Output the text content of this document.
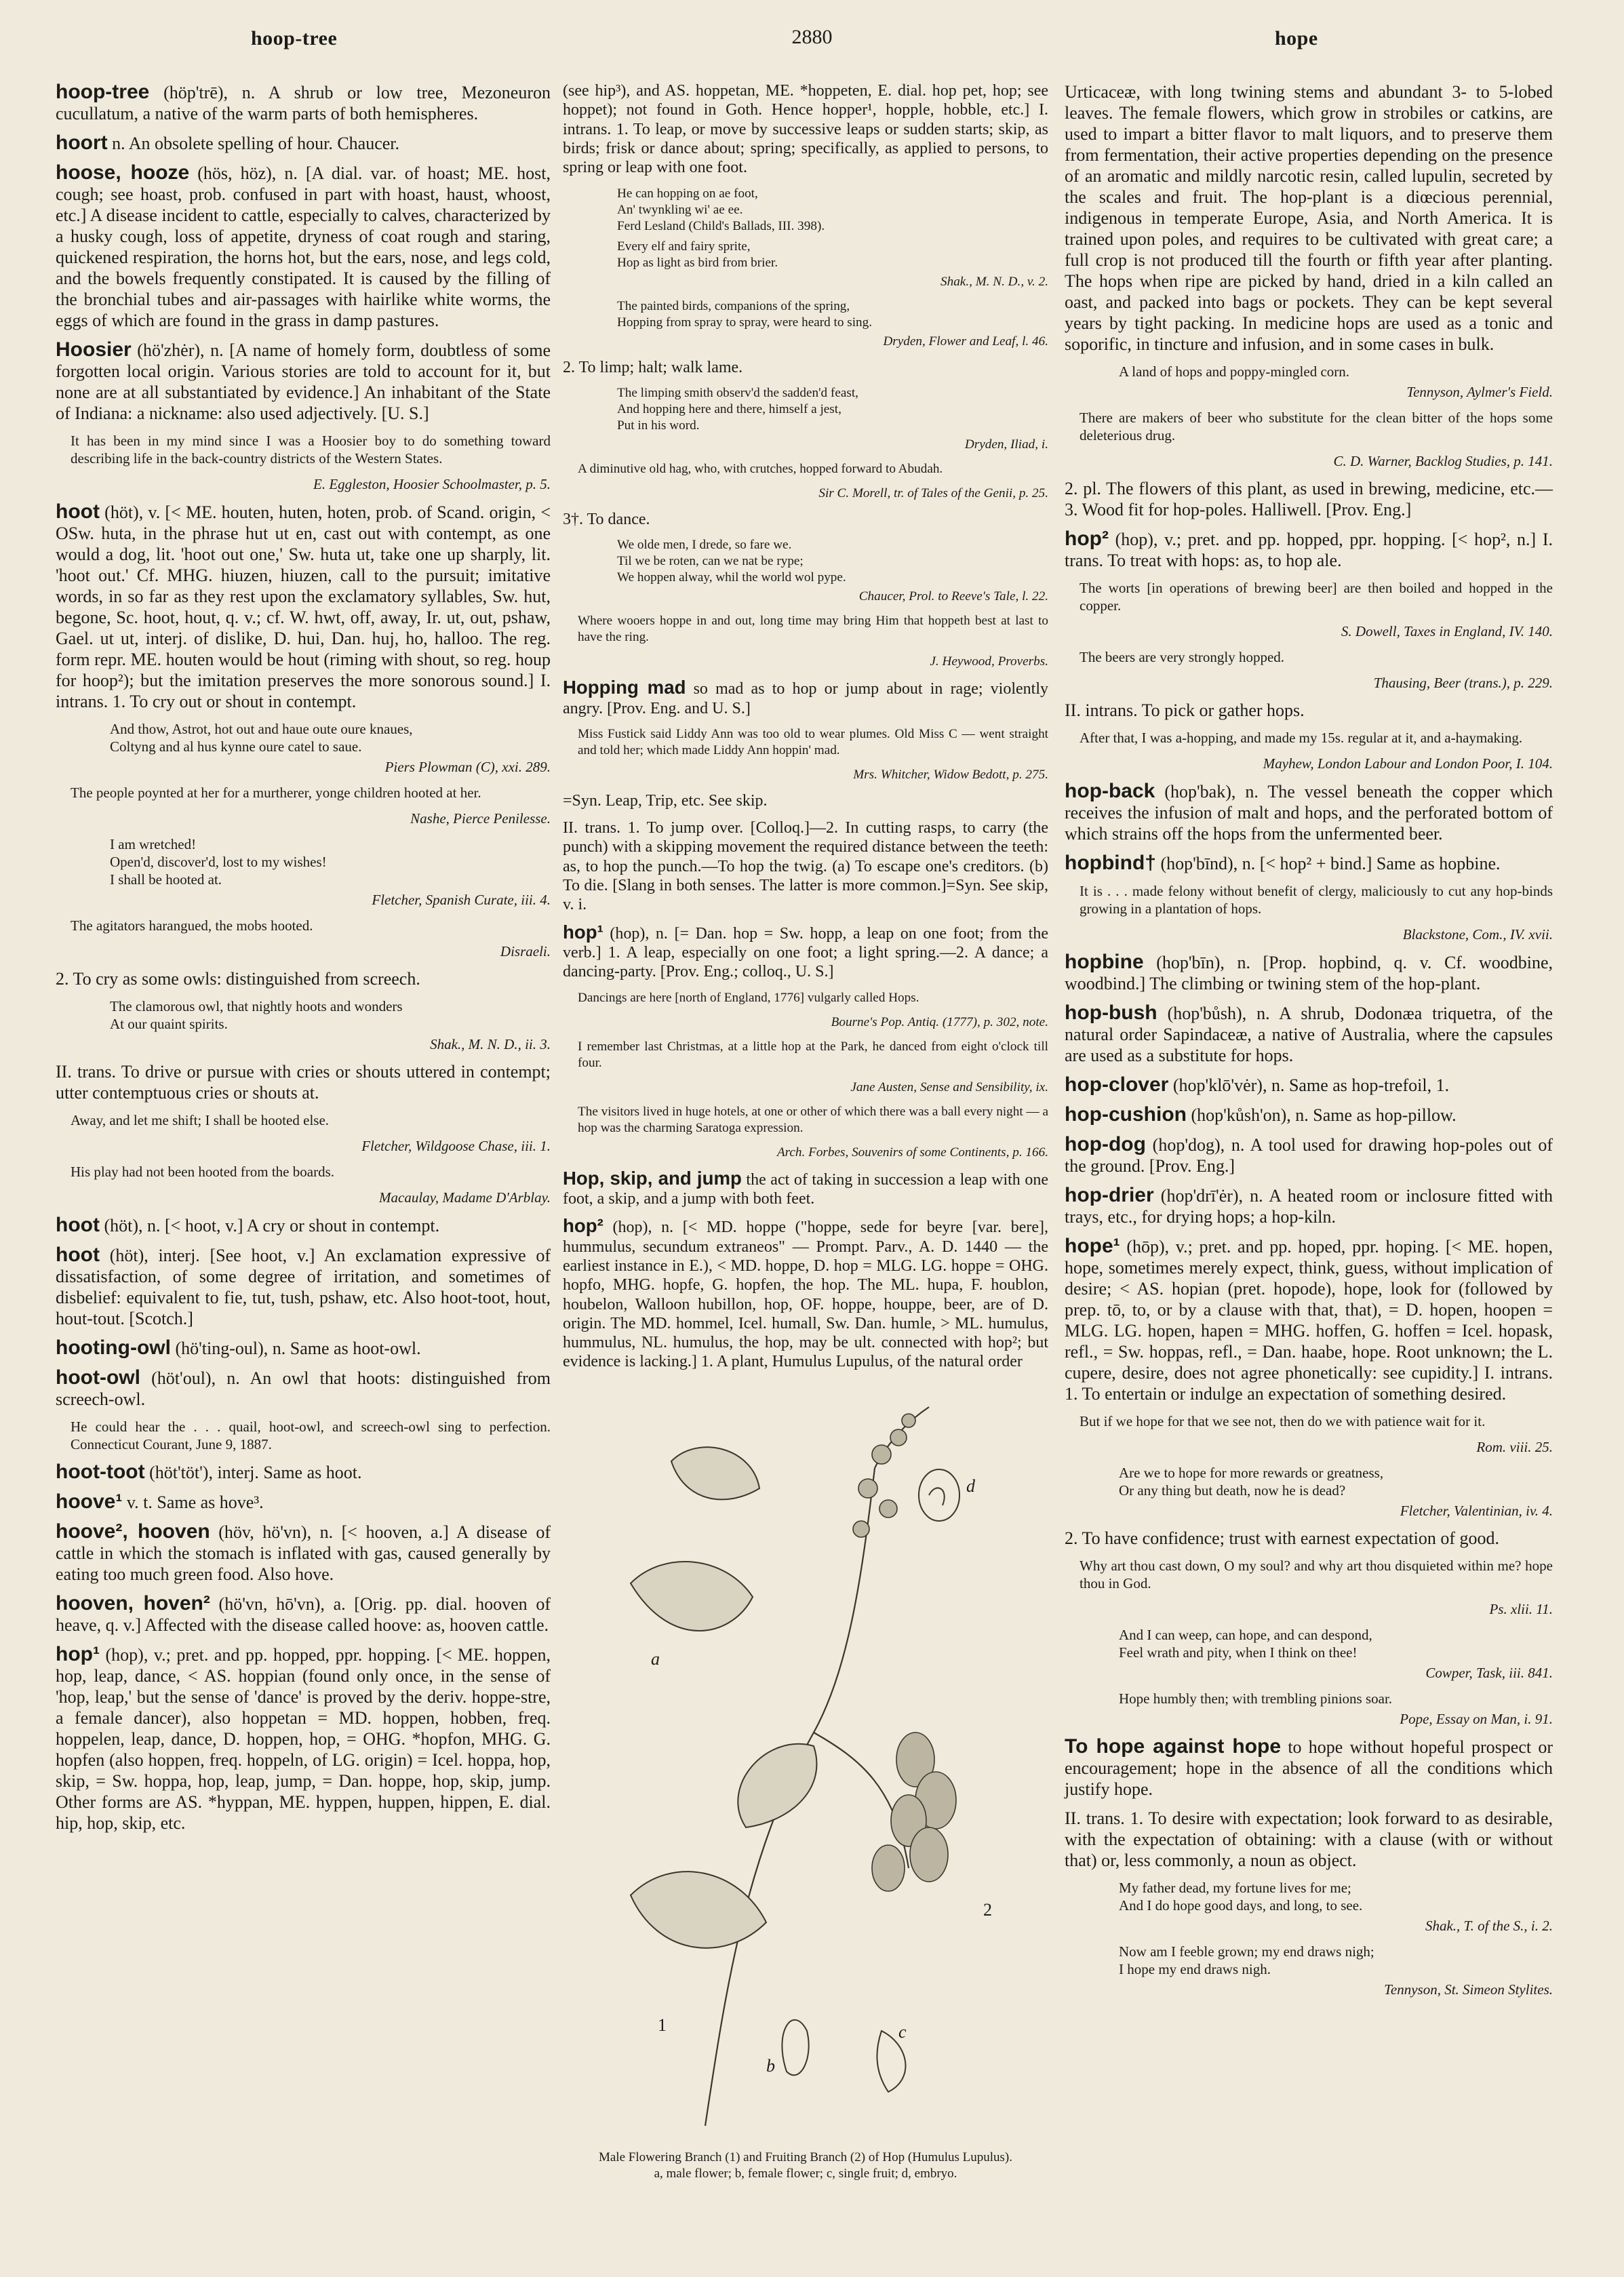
hoop-tree	2880	hope
hoop-tree (höp'trē), n. A shrub or low tree, Mezoneuron cucullatum, a native of the warm parts of both hemispheres.
hoort n. An obsolete spelling of hour. Chaucer.
hoose, hooze (hös, höz), n. [A dial. var. of hoast; ME. host, cough; see hoast, prob. confused in part with hoast, haust, whoost, etc.] A disease incident to cattle, especially to calves, characterized by a husky cough, loss of appetite, dryness of coat rough and staring, quickened respiration, the horns hot, but the ears, nose, and legs cold, and the bowels frequently constipated. It is caused by the filling of the bronchial tubes and air-passages with hairlike white worms, the eggs of which are found in the grass in damp pastures.
Hoosier (hö'zhėr), n. [A name of homely form, doubtless of some forgotten local origin. Various stories are told to account for it, but none are at all substantiated by evidence.] An inhabitant of the State of Indiana: a nickname: also used adjectively. [U. S.]
It has been in my mind since I was a Hoosier boy to do something toward describing life in the back-country districts of the Western States.
E. Eggleston, Hoosier Schoolmaster, p. 5.
hoot (höt), v. [< ME. houten, huten, hoten, prob. of Scand. origin, < OSw. huta, in the phrase hut ut en, cast out with contempt, as one would a dog, lit. 'hoot out one,' Sw. huta ut, take one up sharply, lit. 'hoot out.' Cf. MHG. hiuzen, hiuzen, call to the pursuit; imitative words, in so far as they rest upon the exclamatory syllables, Sw. hut, begone, Sc. hoot, hout, q. v.; cf. W. hwt, off, away, Ir. ut, out, pshaw, Gael. ut ut, interj. of dislike, D. hui, Dan. huj, ho, halloo. The reg. form repr. ME. houten would be hout (riming with shout, so reg. houp for hoop²); but the imitation preserves the more sonorous sound.] I. intrans. 1. To cry out or shout in contempt.
And thow, Astrot, hot out and haue oute oure knaues,
Coltyng and al hus kynne oure catel to saue.
Piers Plowman (C), xxi. 289.
The people poynted at her for a murtherer, yonge children hooted at her.
Nashe, Pierce Penilesse.
I am wretched!
Open'd, discover'd, lost to my wishes!
I shall be hooted at.
Fletcher, Spanish Curate, iii. 4.
The agitators harangued, the mobs hooted.
Disraeli.
2. To cry as some owls: distinguished from screech.
The clamorous owl, that nightly hoots and wonders
At our quaint spirits.
Shak., M. N. D., ii. 3.
II. trans. To drive or pursue with cries or shouts uttered in contempt; utter contemptuous cries or shouts at.
Away, and let me shift; I shall be hooted else.
Fletcher, Wildgoose Chase, iii. 1.
His play had not been hooted from the boards.
Macaulay, Madame D'Arblay.
hoot (höt), n. [< hoot, v.] A cry or shout in contempt.
hoot (höt), interj. [See hoot, v.] An exclamation expressive of dissatisfaction, of some degree of irritation, and sometimes of disbelief: equivalent to fie, tut, tush, pshaw, etc. Also hoot-toot, hout, hout-tout. [Scotch.]
hooting-owl (hö'ting-oul), n. Same as hoot-owl.
hoot-owl (höt'oul), n. An owl that hoots: distinguished from screech-owl.
He could hear the . . . quail, hoot-owl, and screech-owl sing to perfection. Connecticut Courant, June 9, 1887.
hoot-toot (höt'töt'), interj. Same as hoot.
hoove¹ v. t. Same as hove³.
hoove², hooven (höv, hö'vn), n. [< hooven, a.] A disease of cattle in which the stomach is inflated with gas, caused generally by eating too much green food. Also hove.
hooven, hoven² (hö'vn, hō'vn), a. [Orig. pp. dial. hooven of heave, q. v.] Affected with the disease called hoove: as, hooven cattle.
hop¹ (hop), v.; pret. and pp. hopped, ppr. hopping. [< ME. hoppen, hop, leap, dance, < AS. hoppian (found only once, in the sense of 'hop, leap,' but the sense of 'dance' is proved by the deriv. hoppe-stre, a female dancer), also hoppetan = MD. hoppen, hobben, freq. hoppelen, leap, dance, D. hoppen, hop, = OHG. *hopfon, MHG. G. hopfen (also hoppen, freq. hoppeln, of LG. origin) = Icel. hoppa, hop, skip, = Sw. hoppa, hop, leap, jump, = Dan. hoppe, hop, skip, jump. Other forms are AS. *hyppan, ME. hyppen, huppen, hippen, E. dial. hip, hop, skip, etc.
(see hip³), and AS. hoppetan, ME. *hoppeten, E. dial. hop pet, hop; see hoppet); not found in Goth. Hence hopper¹, hopple, hobble, etc.] I. intrans. 1. To leap, or move by successive leaps or sudden starts; skip, as birds; frisk or dance about; spring; specifically, as applied to persons, to spring or leap with one foot.
He can hopping on ae foot,
An' twynkling wi' ae ee.
Ferd Lesland (Child's Ballads, III. 398).
Every elf and fairy sprite,
Hop as light as bird from brier.
Shak., M. N. D., v. 2.
The painted birds, companions of the spring,
Hopping from spray to spray, were heard to sing.
Dryden, Flower and Leaf, l. 46.
2. To limp; halt; walk lame.
The limping smith observ'd the sadden'd feast,
And hopping here and there, himself a jest,
Put in his word.
Dryden, Iliad, i.
A diminutive old hag, who, with crutches, hopped forward to Abudah.
Sir C. Morell, tr. of Tales of the Genii, p. 25.
3†. To dance.
We olde men, I drede, so fare we.
Til we be roten, can we nat be rype;
We hoppen alway, whil the world wol pype.
Chaucer, Prol. to Reeve's Tale, l. 22.
Where wooers hoppe in and out, long time may bring Him that hoppeth best at last to have the ring.
J. Heywood, Proverbs.
Hopping mad so mad as to hop or jump about in rage; violently angry. [Prov. Eng. and U. S.]
Miss Fustick said Liddy Ann was too old to wear plumes. Old Miss C — went straight and told her; which made Liddy Ann hoppin' mad.
Mrs. Whitcher, Widow Bedott, p. 275.
=Syn. Leap, Trip, etc. See skip.
II. trans. 1. To jump over. [Colloq.]—2. In cutting rasps, to carry (the punch) with a skipping movement the required distance between the teeth: as, to hop the punch.—To hop the twig. (a) To escape one's creditors. (b) To die. [Slang in both senses. The latter is more common.]=Syn. See skip, v. i.
hop¹ (hop), n. [= Dan. hop = Sw. hopp, a leap on one foot; from the verb.] 1. A leap, especially on one foot; a light spring.—2. A dance; a dancing-party. [Prov. Eng.; colloq., U. S.]
Dancings are here [north of England, 1776] vulgarly called Hops.
Bourne's Pop. Antiq. (1777), p. 302, note.
I remember last Christmas, at a little hop at the Park, he danced from eight o'clock till four.
Jane Austen, Sense and Sensibility, ix.
The visitors lived in huge hotels, at one or other of which there was a ball every night — a hop was the charming Saratoga expression.
Arch. Forbes, Souvenirs of some Continents, p. 166.
Hop, skip, and jump the act of taking in succession a leap with one foot, a skip, and a jump with both feet.
hop² (hop), n. [< MD. hoppe ("hoppe, sede for beyre [var. bere], hummulus, secundum extraneos" — Prompt. Parv., A. D. 1440 — the earliest instance in E.), < MD. hoppe, D. hop = MLG. LG. hoppe = OHG. hopfo, MHG. hopfe, G. hopfen, the hop. The ML. hupa, F. houblon, houbelon, Walloon hubillon, hop, OF. hoppe, houppe, beer, are of D. origin. The MD. hommel, Icel. humall, Sw. Dan. humle, > ML. humulus, hummulus, NL. humulus, the hop, may be ult. connected with hop²; but evidence is lacking.] 1. A plant, Humulus Lupulus, of the natural order
a
b
c
d
1
2
Male Flowering Branch (1) and Fruiting Branch (2) of Hop (Humulus Lupulus).
a, male flower; b, female flower; c, single fruit; d, embryo.
Urticaceæ, with long twining stems and abundant 3- to 5-lobed leaves. The female flowers, which grow in strobiles or catkins, are used to impart a bitter flavor to malt liquors, and to preserve them from fermentation, their active properties depending on the presence of an aromatic and mildly narcotic resin, called lupulin, secreted by the scales and fruit. The hop-plant is a diœcious perennial, indigenous in temperate Europe, Asia, and North America. It is trained upon poles, and requires to be cultivated with great care; a full crop is not produced till the fourth or fifth year after planting. The hops when ripe are picked by hand, dried in a kiln called an oast, and packed into bags or pockets. They can be kept several years by tight packing. In medicine hops are used as a tonic and soporific, in tincture and infusion, and in some cases in bulk.
A land of hops and poppy-mingled corn.
Tennyson, Aylmer's Field.
There are makers of beer who substitute for the clean bitter of the hops some deleterious drug.
C. D. Warner, Backlog Studies, p. 141.
2. pl. The flowers of this plant, as used in brewing, medicine, etc.—3. Wood fit for hop-poles. Halliwell. [Prov. Eng.]
hop² (hop), v.; pret. and pp. hopped, ppr. hopping. [< hop², n.] I. trans. To treat with hops: as, to hop ale.
The worts [in operations of brewing beer] are then boiled and hopped in the copper.
S. Dowell, Taxes in England, IV. 140.
The beers are very strongly hopped.
Thausing, Beer (trans.), p. 229.
II. intrans. To pick or gather hops.
After that, I was a-hopping, and made my 15s. regular at it, and a-haymaking.
Mayhew, London Labour and London Poor, I. 104.
hop-back (hop'bak), n. The vessel beneath the copper which receives the infusion of malt and hops, and the perforated bottom of which strains off the hops from the unfermented beer.
hopbind† (hop'bīnd), n. [< hop² + bind.] Same as hopbine.
It is . . . made felony without benefit of clergy, maliciously to cut any hop-binds growing in a plantation of hops.
Blackstone, Com., IV. xvii.
hopbine (hop'bīn), n. [Prop. hopbind, q. v. Cf. woodbine, woodbind.] The climbing or twining stem of the hop-plant.
hop-bush (hop'bůsh), n. A shrub, Dodonæa triquetra, of the natural order Sapindaceæ, a native of Australia, where the capsules are used as a substitute for hops.
hop-clover (hop'klō'vėr), n. Same as hop-trefoil, 1.
hop-cushion (hop'kůsh'on), n. Same as hop-pillow.
hop-dog (hop'dog), n. A tool used for drawing hop-poles out of the ground. [Prov. Eng.]
hop-drier (hop'drī'ėr), n. A heated room or inclosure fitted with trays, etc., for drying hops; a hop-kiln.
hope¹ (hōp), v.; pret. and pp. hoped, ppr. hoping. [< ME. hopen, hope, sometimes merely expect, think, guess, without implication of desire; < AS. hopian (pret. hopode), hope, look for (followed by prep. tō, to, or by a clause with that, that), = D. hopen, hoopen = MLG. LG. hopen, hapen = MHG. hoffen, G. hoffen = Icel. hopask, refl., = Sw. hoppas, refl., = Dan. haabe, hope. Root unknown; the L. cupere, desire, does not agree phonetically: see cupidity.] I. intrans. 1. To entertain or indulge an expectation of something desired.
But if we hope for that we see not, then do we with patience wait for it.
Rom. viii. 25.
Are we to hope for more rewards or greatness,
Or any thing but death, now he is dead?
Fletcher, Valentinian, iv. 4.
2. To have confidence; trust with earnest expectation of good.
Why art thou cast down, O my soul? and why art thou disquieted within me? hope thou in God.
Ps. xlii. 11.
And I can weep, can hope, and can despond,
Feel wrath and pity, when I think on thee!
Cowper, Task, iii. 841.
Hope humbly then; with trembling pinions soar.
Pope, Essay on Man, i. 91.
To hope against hope to hope without hopeful prospect or encouragement; hope in the absence of all the conditions which justify hope.
II. trans. 1. To desire with expectation; look forward to as desirable, with the expectation of obtaining: with a clause (with or without that) or, less commonly, a noun as object.
My father dead, my fortune lives for me;
And I do hope good days, and long, to see.
Shak., T. of the S., i. 2.
Now am I feeble grown; my end draws nigh;
I hope my end draws nigh.
Tennyson, St. Simeon Stylites.
